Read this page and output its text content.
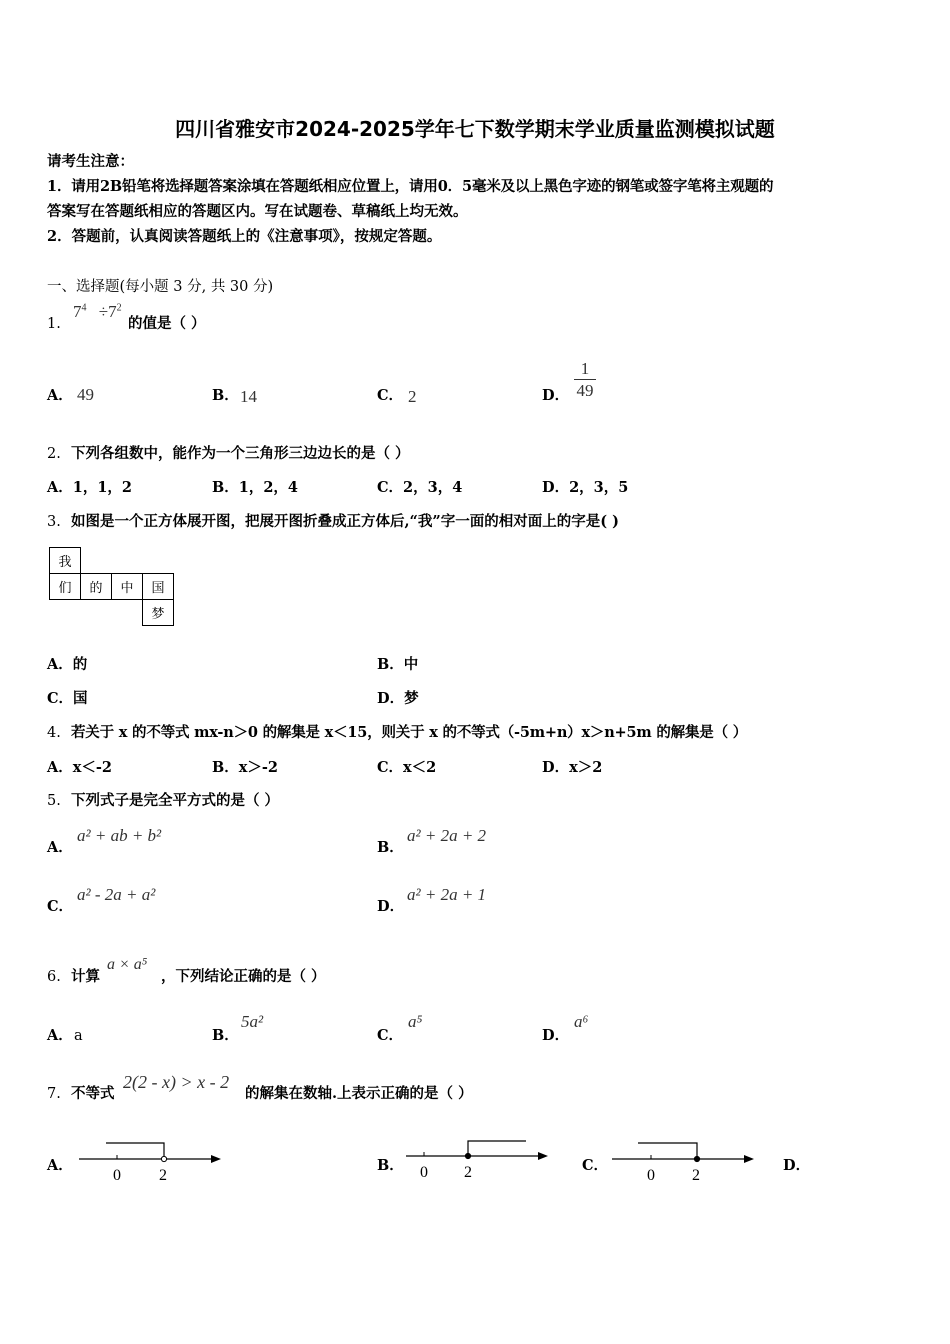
四川省雅安市2024-2025学年七下数学期末学业质量监测模拟试题
请考生注意：
1．请用2B铅笔将选择题答案涂填在答题纸相应位置上，请用0．5毫米及以上黑色字迹的钢笔或签字笔将主观题的
答案写在答题纸相应的答题区内。写在试题卷、草稿纸上均无效。
2．答题前，认真阅读答题纸上的《注意事项》，按规定答题。
一、选择题(每小题 3 分, 共 30 分)
1.
$7^4 \div 7^2$
的值是（ ）
A． 49	B． 14	C． 2	D． $\frac{1}{49}$
2. 下列各组数中，能作为一个三角形三边边长的是（ ）
A．1，1，2	B．1，2，4	C．2，3，4	D．2，3，5
3. 如图是一个正方体展开图，把展开图折叠成正方体后,“我”字一面的相对面上的字是( )
我			
们	的	中	国
			梦
A．的	B．中
C．国	D．梦
4. 若关于 x 的不等式 mx-n＞0 的解集是 x＜15，则关于 x 的不等式（-5m+n）x＞n+5m 的解集是（ ）
A．x＜-2	B．x＞-2	C．x＜2	D．x＞2
5. 下列式子是完全平方式的是（ ）
A．
a² + ab + b²
B．
a² + 2a + 2
C．
a² - 2a + a²
D．
a² + 2a + 1
6. 计算
a × a⁵
，下列结论正确的是（ ）
A． a	B．
5a²
C．
a⁵
D．
a⁶
7. 不等式
2(2 - x) > x - 2
的解集在数轴.上表示正确的是（ ）
A．
0 2
B． 0 2	C．
0 2
D．
